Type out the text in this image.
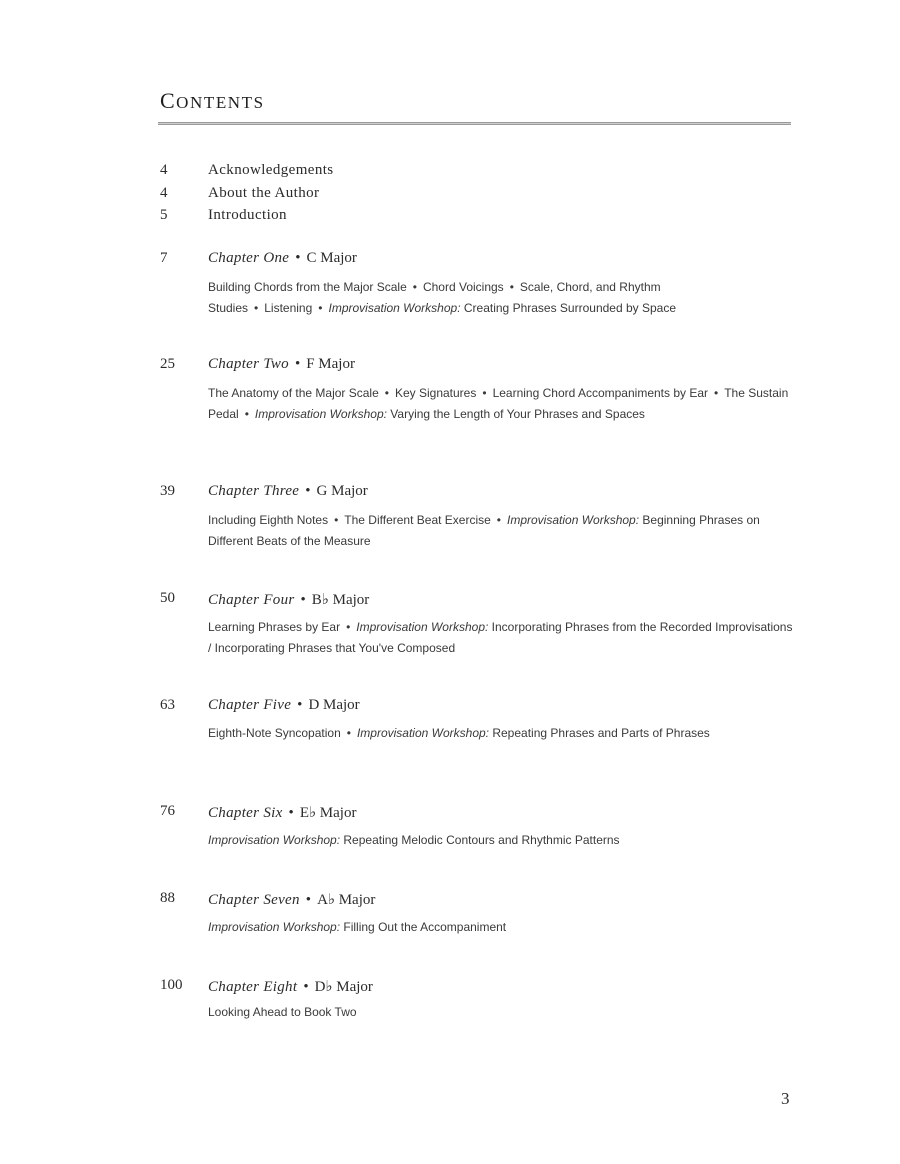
CONTENTS
4	Acknowledgements
4	About the Author
5	Introduction
7	Chapter One • C Major
Building Chords from the Major Scale • Chord Voicings • Scale, Chord, and Rhythm Studies • Listening • Improvisation Workshop: Creating Phrases Surrounded by Space
25 Chapter Two • F Major
The Anatomy of the Major Scale • Key Signatures • Learning Chord Accompaniments by Ear • The Sustain Pedal • Improvisation Workshop: Varying the Length of Your Phrases and Spaces
39 Chapter Three • G Major
Including Eighth Notes • The Different Beat Exercise • Improvisation Workshop: Beginning Phrases on Different Beats of the Measure
50 Chapter Four • B♭ Major
Learning Phrases by Ear • Improvisation Workshop: Incorporating Phrases from the Recorded Improvisations / Incorporating Phrases that You've Composed
63 Chapter Five • D Major
Eighth-Note Syncopation • Improvisation Workshop: Repeating Phrases and Parts of Phrases
76 Chapter Six • E♭ Major
Improvisation Workshop: Repeating Melodic Contours and Rhythmic Patterns
88 Chapter Seven • A♭ Major
Improvisation Workshop: Filling Out the Accompaniment
100 Chapter Eight • D♭ Major
Looking Ahead to Book Two
3
